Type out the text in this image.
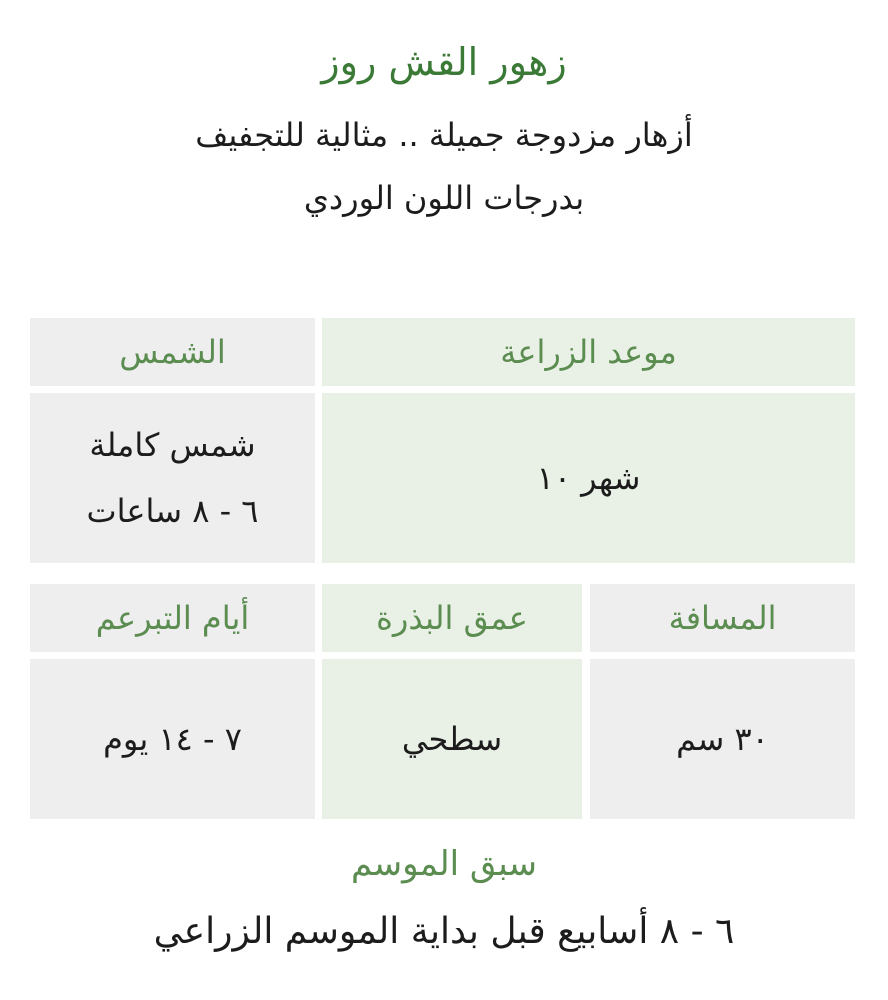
زهور القش روز
أزهار مزدوجة جميلة .. مثالية للتجفيف
بدرجات اللون الوردي
موعد الزراعة
الشمس
شهر ١٠
شمس كاملة
٦ - ٨ ساعات
المسافة
عمق البذرة
أيام التبرعم
٣٠ سم
سطحي
٧ - ١٤ يوم
سبق الموسم
٦ - ٨ أسابيع قبل بداية الموسم الزراعي
